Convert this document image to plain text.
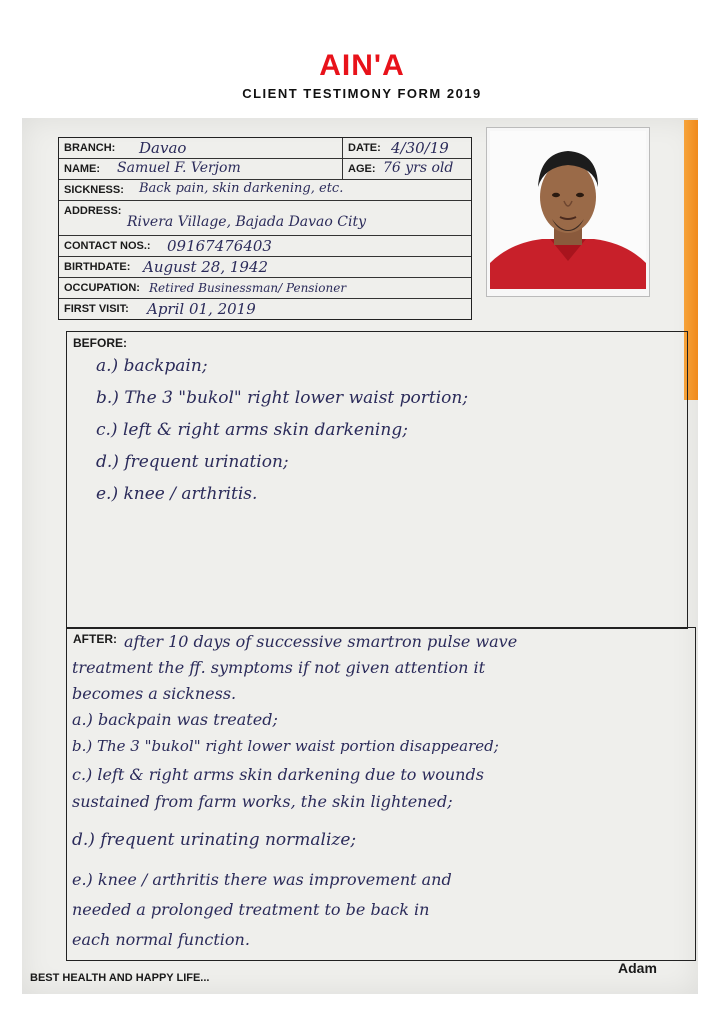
AIN'A
CLIENT TESTIMONY FORM 2019
BRANCH: Davao	DATE: 4/30/19
NAME: Samuel F. Verjom	AGE: 76 yrs old
SICKNESS: Back pain, skin darkening, etc.
ADDRESS:
Rivera Village, Bajada Davao City
CONTACT NOS.: 09167476403
BIRTHDATE: August 28, 1942
OCCUPATION: Retired Businessman/ Pensioner
FIRST VISIT: April 01, 2019
BEFORE:
a.) backpain;
b.) The 3 "bukol" right lower waist portion;
c.) left & right arms skin darkening;
d.) frequent urination;
e.) knee / arthritis.
AFTER: after 10 days of successive smartron pulse wave
treatment the ff. symptoms if not given attention it
becomes a sickness.
a.) backpain was treated;
b.) The 3 "bukol" right lower waist portion disappeared;
c.) left & right arms skin darkening due to wounds
sustained from farm works, the skin lightened;
d.) frequent urinating normalize;
e.) knee / arthritis there was improvement and
needed a prolonged treatment to be back in
each normal function.
BEST HEALTH AND HAPPY LIFE...
Adam
